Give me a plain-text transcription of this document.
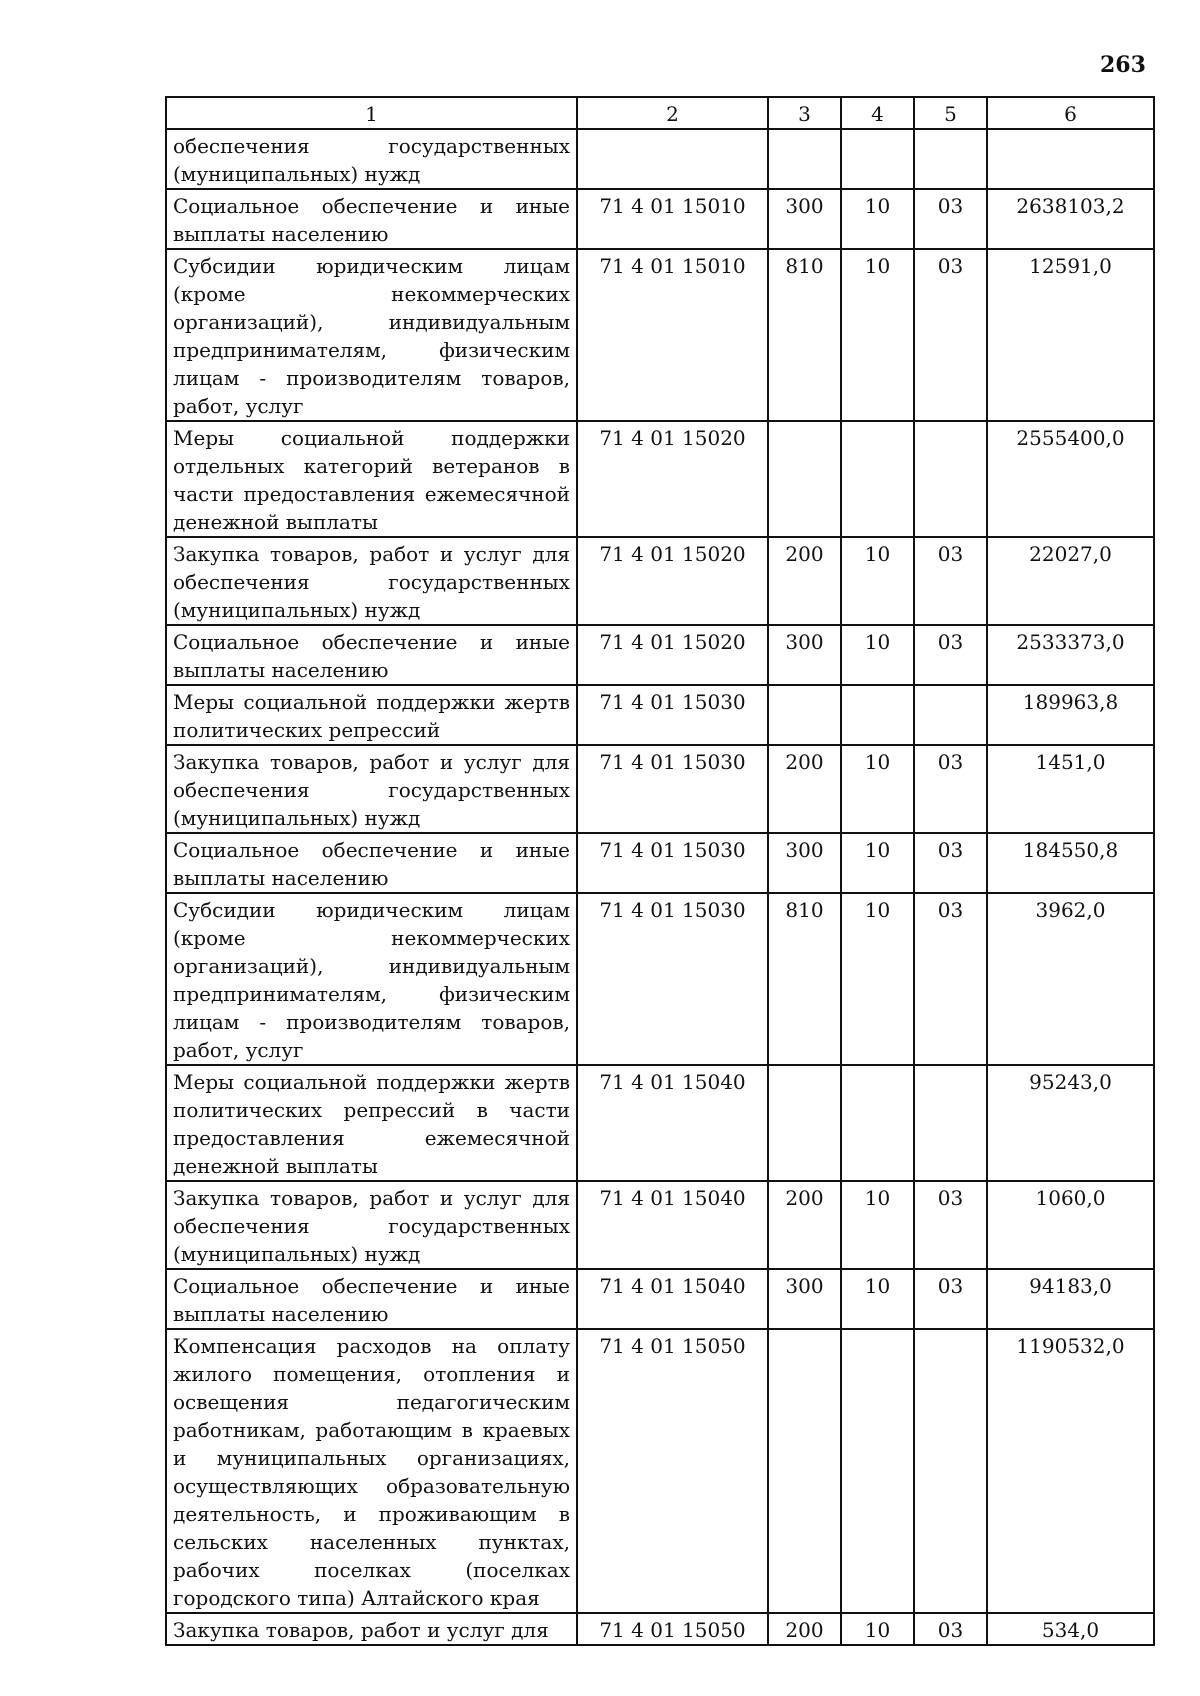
263
1	2	3	4	5	6
обеспечения государственных (муниципальных) нужд					
Социальное обеспечение и иные выплаты населению	71 4 01 15010	300	10	03	2638103,2
Субсидии юридическим лицам (кроме некоммерческих организаций), индивидуальным предпринимателям, физическим лицам - производителям товаров, работ, услуг	71 4 01 15010	810	10	03	12591,0
Меры социальной поддержки отдельных категорий ветеранов в части предоставления ежемесячной денежной выплаты	71 4 01 15020				2555400,0
Закупка товаров, работ и услуг для обеспечения государственных (муниципальных) нужд	71 4 01 15020	200	10	03	22027,0
Социальное обеспечение и иные выплаты населению	71 4 01 15020	300	10	03	2533373,0
Меры социальной поддержки жертв политических репрессий	71 4 01 15030				189963,8
Закупка товаров, работ и услуг для обеспечения государственных (муниципальных) нужд	71 4 01 15030	200	10	03	1451,0
Социальное обеспечение и иные выплаты населению	71 4 01 15030	300	10	03	184550,8
Субсидии юридическим лицам (кроме некоммерческих организаций), индивидуальным предпринимателям, физическим лицам - производителям товаров, работ, услуг	71 4 01 15030	810	10	03	3962,0
Меры социальной поддержки жертв политических репрессий в части предоставления ежемесячной денежной выплаты	71 4 01 15040				95243,0
Закупка товаров, работ и услуг для обеспечения государственных (муниципальных) нужд	71 4 01 15040	200	10	03	1060,0
Социальное обеспечение и иные выплаты населению	71 4 01 15040	300	10	03	94183,0
Компенсация расходов на оплату жилого помещения, отопления и освещения педагогическим работникам, работающим в краевых и муниципальных организациях, осуществляющих образовательную деятельность, и проживающим в сельских населенных пунктах, рабочих поселках (поселках городского типа) Алтайского края	71 4 01 15050				1190532,0
Закупка товаров, работ и услуг для	71 4 01 15050	200	10	03	534,0
